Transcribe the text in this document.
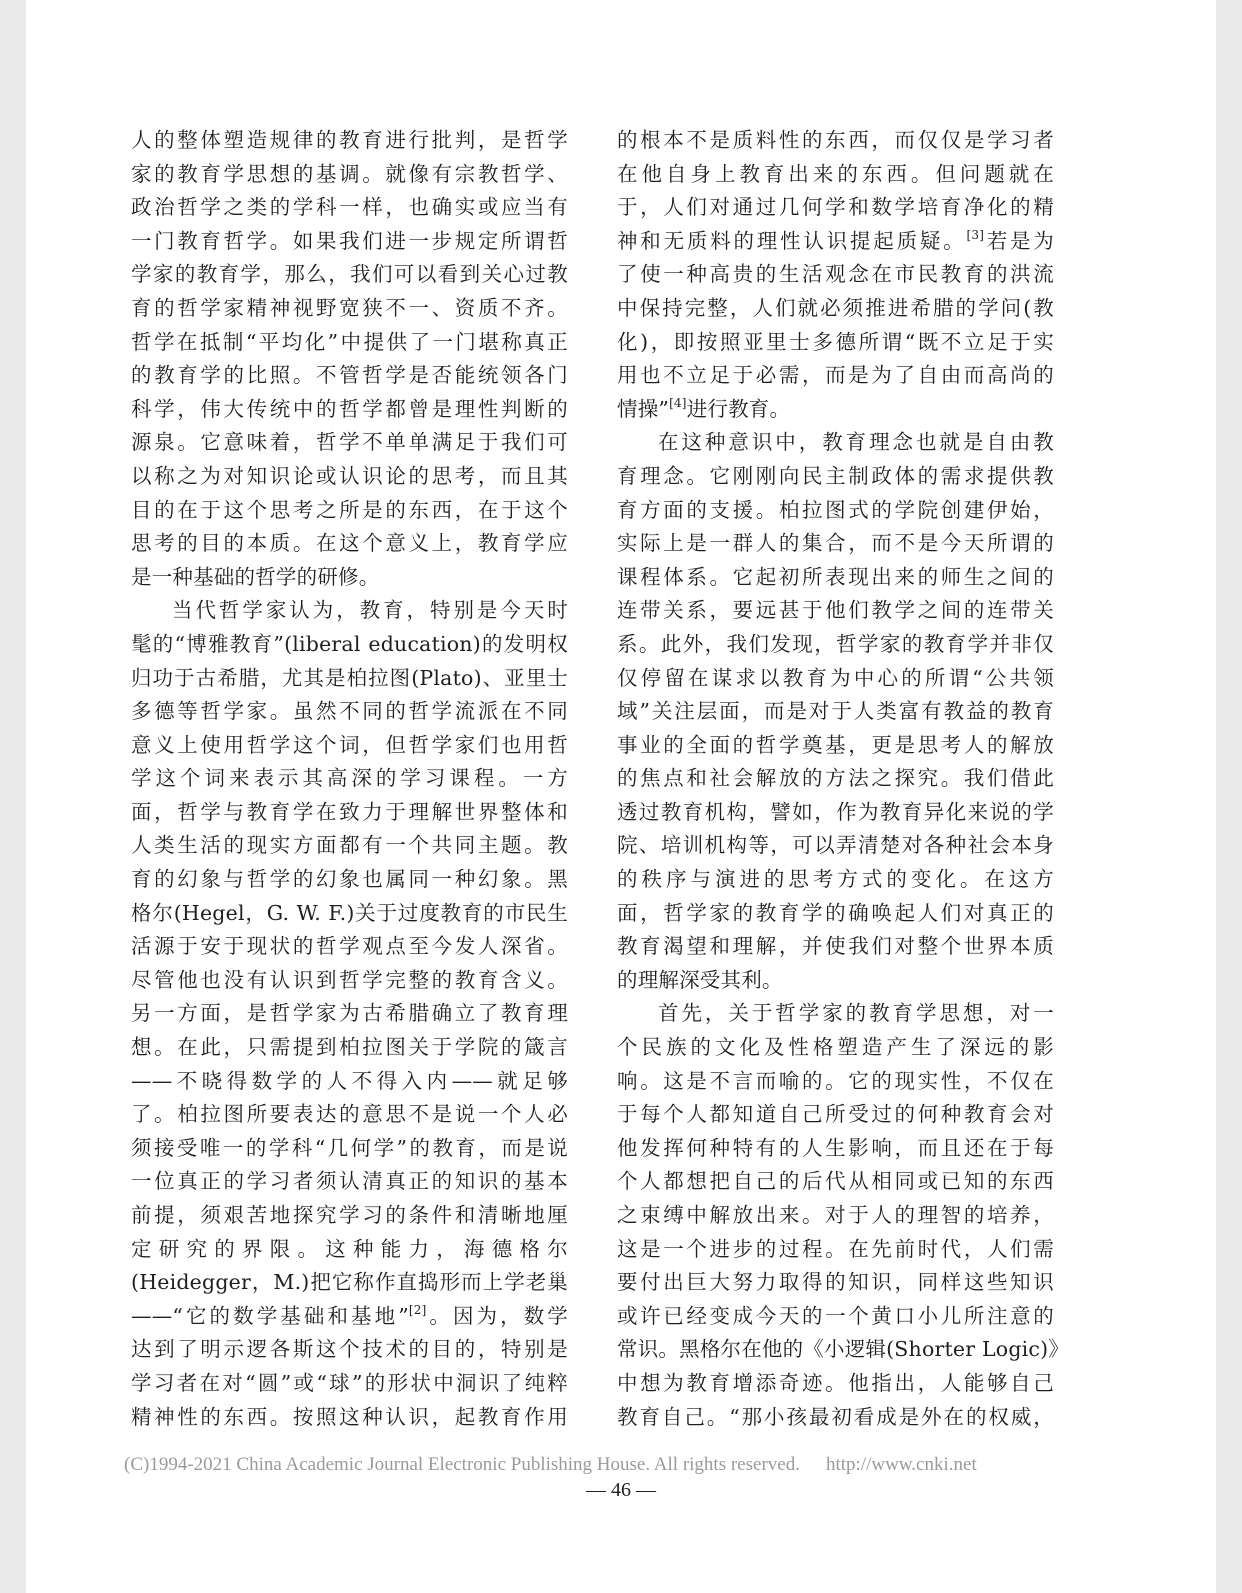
人的整体塑造规律的教育进行批判，是哲学
家的教育学思想的基调。就像有宗教哲学、
政治哲学之类的学科一样，也确实或应当有
一门教育哲学。如果我们进一步规定所谓哲
学家的教育学，那么，我们可以看到关心过教
育的哲学家精神视野宽狭不一、资质不齐。
哲学在抵制“平均化”中提供了一门堪称真正
的教育学的比照。不管哲学是否能统领各门
科学，伟大传统中的哲学都曾是理性判断的
源泉。它意味着，哲学不单单满足于我们可
以称之为对知识论或认识论的思考，而且其
目的在于这个思考之所是的东西，在于这个
思考的目的本质。在这个意义上，教育学应
是一种基础的哲学的研修。
当代哲学家认为，教育，特别是今天时
髦的“博雅教育”(liberal education)的发明权
归功于古希腊，尤其是柏拉图(Plato)、亚里士
多德等哲学家。虽然不同的哲学流派在不同
意义上使用哲学这个词，但哲学家们也用哲
学这个词来表示其高深的学习课程。一方
面，哲学与教育学在致力于理解世界整体和
人类生活的现实方面都有一个共同主题。教
育的幻象与哲学的幻象也属同一种幻象。黑
格尔(Hegel，G. W. F.)关于过度教育的市民生
活源于安于现状的哲学观点至今发人深省。
尽管他也没有认识到哲学完整的教育含义。
另一方面，是哲学家为古希腊确立了教育理
想。在此，只需提到柏拉图关于学院的箴言
——不晓得数学的人不得入内——就足够
了。柏拉图所要表达的意思不是说一个人必
须接受唯一的学科“几何学”的教育，而是说
一位真正的学习者须认清真正的知识的基本
前提，须艰苦地探究学习的条件和清晰地厘
定研究的界限。这种能力，海德格尔
(Heidegger，M.)把它称作直捣形而上学老巢
——“它的数学基础和基地”[2]。因为，数学
达到了明示逻各斯这个技术的目的，特别是
学习者在对“圆”或“球”的形状中洞识了纯粹
精神性的东西。按照这种认识，起教育作用
的根本不是质料性的东西，而仅仅是学习者
在他自身上教育出来的东西。但问题就在
于，人们对通过几何学和数学培育净化的精
神和无质料的理性认识提起质疑。[3]若是为
了使一种高贵的生活观念在市民教育的洪流
中保持完整，人们就必须推进希腊的学问(教
化)，即按照亚里士多德所谓“既不立足于实
用也不立足于必需，而是为了自由而高尚的
情操”[4]进行教育。
在这种意识中，教育理念也就是自由教
育理念。它刚刚向民主制政体的需求提供教
育方面的支援。柏拉图式的学院创建伊始，
实际上是一群人的集合，而不是今天所谓的
课程体系。它起初所表现出来的师生之间的
连带关系，要远甚于他们教学之间的连带关
系。此外，我们发现，哲学家的教育学并非仅
仅停留在谋求以教育为中心的所谓“公共领
域”关注层面，而是对于人类富有教益的教育
事业的全面的哲学奠基，更是思考人的解放
的焦点和社会解放的方法之探究。我们借此
透过教育机构，譬如，作为教育异化来说的学
院、培训机构等，可以弄清楚对各种社会本身
的秩序与演进的思考方式的变化。在这方
面，哲学家的教育学的确唤起人们对真正的
教育渴望和理解，并使我们对整个世界本质
的理解深受其利。
首先，关于哲学家的教育学思想，对一
个民族的文化及性格塑造产生了深远的影
响。这是不言而喻的。它的现实性，不仅在
于每个人都知道自己所受过的何种教育会对
他发挥何种特有的人生影响，而且还在于每
个人都想把自己的后代从相同或已知的东西
之束缚中解放出来。对于人的理智的培养，
这是一个进步的过程。在先前时代，人们需
要付出巨大努力取得的知识，同样这些知识
或许已经变成今天的一个黄口小儿所注意的
常识。黑格尔在他的《小逻辑(Shorter Logic)》
中想为教育增添奇迹。他指出，人能够自己
教育自己。“那小孩最初看成是外在的权威，
(C)1994-2021 China Academic Journal Electronic Publishing House. All rights reserved. http://www.cnki.net
— 46 —
